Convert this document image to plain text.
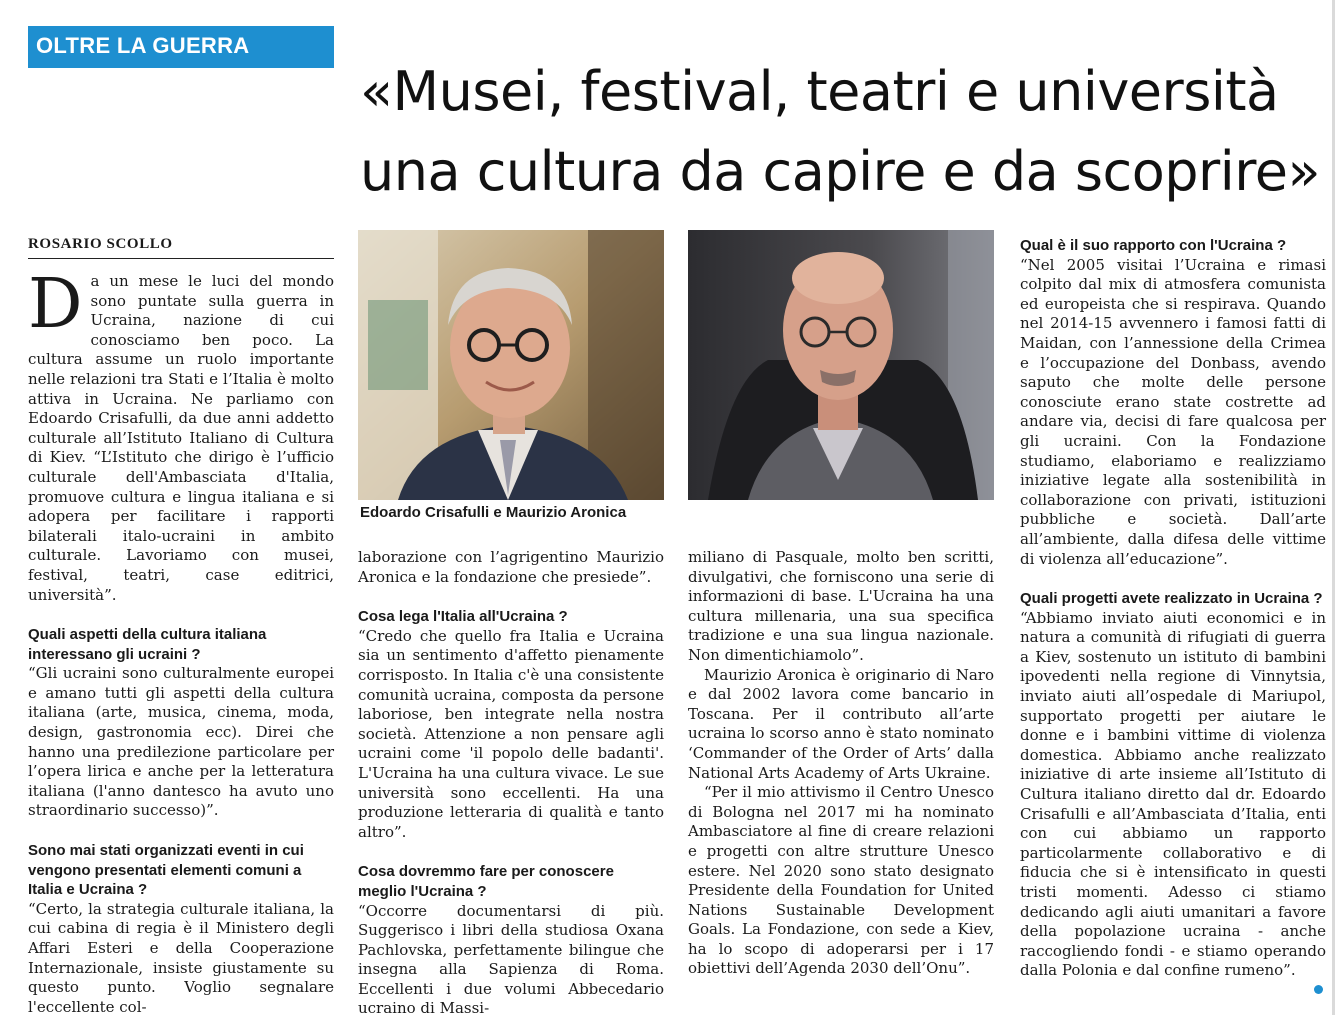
OLTRE LA GUERRA
«Musei, festival, teatri e università
una cultura da capire e da scoprire»
ROSARIO SCOLLO

D a un mese le luci del mondo sono puntate sulla guerra in Ucraina, nazione di cui conosciamo ben poco. La cultura assume un ruolo importante nelle relazioni tra Stati e l’Italia è molto attiva in Ucraina. Ne parliamo con Edoardo Crisafulli, da due anni addetto culturale all’Istituto Italiano di Cultura di Kiev. “L’Istituto che dirigo è l’ufficio culturale dell'Ambasciata d'Italia, promuove cultura e lingua italiana e si adopera per facilitare i rapporti bilaterali italo-ucraini in ambito culturale. Lavoriamo con musei, festival, teatri, case editrici, università”.

Quali aspetti della cultura italiana interessano gli ucraini ?

“Gli ucraini sono culturalmente europei e amano tutti gli aspetti della cultura italiana (arte, musica, cinema, moda, design, gastronomia ecc). Direi che hanno una predilezione particolare per l’opera lirica e anche per la letteratura italiana (l'anno dantesco ha avuto uno straordinario successo)”.

Sono mai stati organizzati eventi in cui vengono presentati elementi comuni a Italia e Ucraina ?

“Certo, la strategia culturale italiana, la cui cabina di regia è il Ministero degli Affari Esteri e della Cooperazione Internazionale, insiste giustamente su questo punto. Voglio segnalare l'eccellente col-

Edoardo Crisafulli e Maurizio Aronica

laborazione con l’agrigentino Maurizio Aronica e la fondazione che presiede”.

Cosa lega l'Italia all'Ucraina ?

“Credo che quello fra Italia e Ucraina sia un sentimento d'affetto pienamente corrisposto. In Italia c'è una consistente comunità ucraina, composta da persone laboriose, ben integrate nella nostra società. Attenzione a non pensare agli ucraini come 'il popolo delle badanti'. L'Ucraina ha una cultura vivace. Le sue università sono eccellenti. Ha una produzione letteraria di qualità e tanto altro”.

Cosa dovremmo fare per conoscere meglio l'Ucraina ?

“Occorre documentarsi di più. Suggerisco i libri della studiosa Oxana Pachlovska, perfettamente bilingue che insegna alla Sapienza di Roma. Eccellenti i due volumi Abbecedario ucraino di Massi-

miliano di Pasquale, molto ben scritti, divulgativi, che forniscono una serie di informazioni di base. L'Ucraina ha una cultura millenaria, una sua specifica tradizione e una sua lingua nazionale. Non dimentichiamolo”.

Maurizio Aronica è originario di Naro e dal 2002 lavora come bancario in Toscana. Per il contributo all’arte ucraina lo scorso anno è stato nominato ‘Commander of the Order of Arts’ dalla National Arts Academy of Arts Ukraine.

“Per il mio attivismo il Centro Unesco di Bologna nel 2017 mi ha nominato Ambasciatore al fine di creare relazioni e progetti con altre strutture Unesco estere. Nel 2020 sono stato designato Presidente della Foundation for United Nations Sustainable Development Goals. La Fondazione, con sede a Kiev, ha lo scopo di adoperarsi per i 17 obiettivi dell’Agenda 2030 dell’Onu”.

Qual è il suo rapporto con l'Ucraina ?

“Nel 2005 visitai l’Ucraina e rimasi colpito dal mix di atmosfera comunista ed europeista che si respirava. Quando nel 2014-15 avvennero i famosi fatti di Maidan, con l’annessione della Crimea e l’occupazione del Donbass, avendo saputo che molte delle persone conosciute erano state costrette ad andare via, decisi di fare qualcosa per gli ucraini. Con la Fondazione studiamo, elaboriamo e realizziamo iniziative legate alla sostenibilità in collaborazione con privati, istituzioni pubbliche e società. Dall’arte all’ambiente, dalla difesa delle vittime di violenza all’educazione”.

Quali progetti avete realizzato in Ucraina ?

“Abbiamo inviato aiuti economici e in natura a comunità di rifugiati di guerra a Kiev, sostenuto un istituto di bambini ipovedenti nella regione di Vinnytsia, inviato aiuti all’ospedale di Mariupol, supportato progetti per aiutare le donne e i bambini vittime di violenza domestica. Abbiamo anche realizzato iniziative di arte insieme all’Istituto di Cultura italiano diretto dal dr. Edoardo Crisafulli e all’Ambasciata d’Italia, enti con cui abbiamo un rapporto particolarmente collaborativo e di fiducia che si è intensificato in questi tristi momenti. Adesso ci stiamo dedicando agli aiuti umanitari a favore della popolazione ucraina - anche raccogliendo fondi - e stiamo operando dalla Polonia e dal confine rumeno”.
